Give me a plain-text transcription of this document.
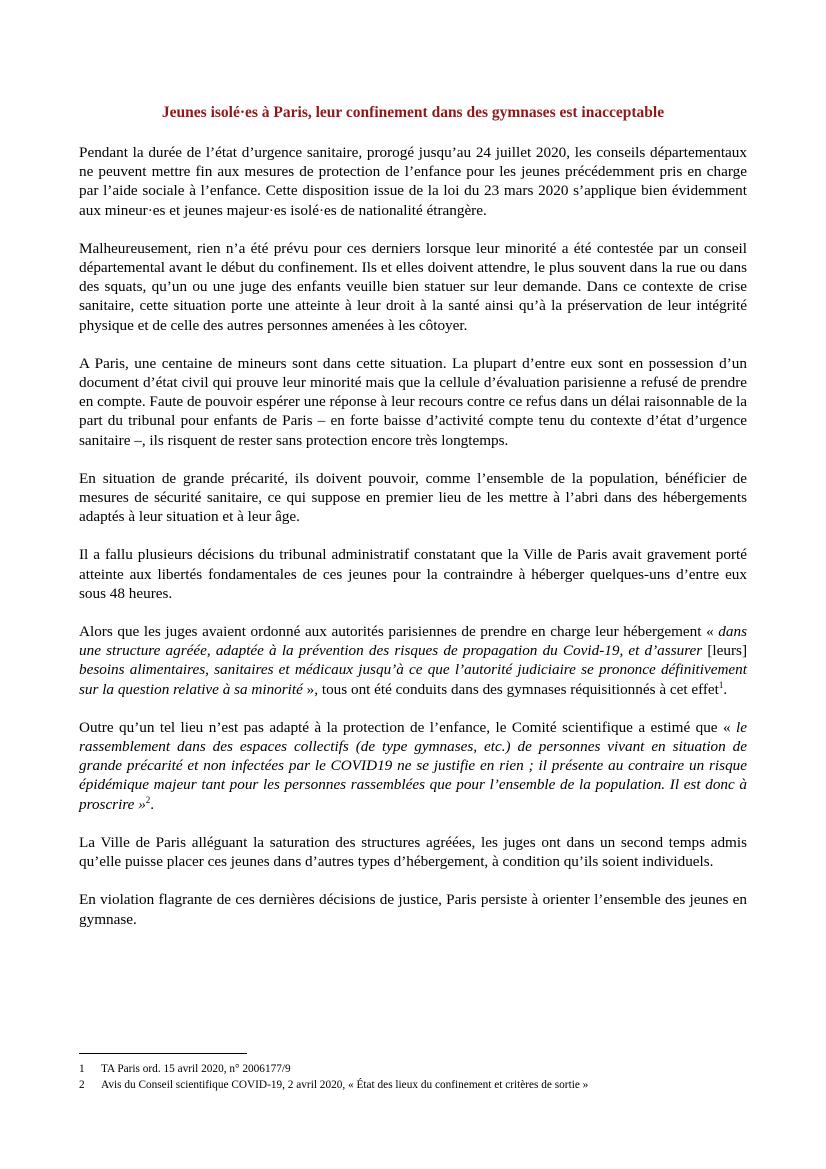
Jeunes isolé·es à Paris, leur confinement dans des gymnases est inacceptable

Pendant la durée de l’état d’urgence sanitaire, prorogé jusqu’au 24 juillet 2020, les conseils départementaux ne peuvent mettre fin aux mesures de protection de l’enfance pour les jeunes précédemment pris en charge par l’aide sociale à l’enfance. Cette disposition issue de la loi du 23 mars 2020 s’applique bien évidemment aux mineur·es et jeunes majeur·es isolé·es de nationalité étrangère.

Malheureusement, rien n’a été prévu pour ces derniers lorsque leur minorité a été contestée par un conseil départemental avant le début du confinement. Ils et elles doivent attendre, le plus souvent dans la rue ou dans des squats, qu’un ou une juge des enfants veuille bien statuer sur leur demande. Dans ce contexte de crise sanitaire, cette situation porte une atteinte à leur droit à la santé ainsi qu’à la préservation de leur intégrité physique et de celle des autres personnes amenées à les côtoyer.

A Paris, une centaine de mineurs sont dans cette situation. La plupart d’entre eux sont en possession d’un document d’état civil qui prouve leur minorité mais que la cellule d’évaluation parisienne a refusé de prendre en compte. Faute de pouvoir espérer une réponse à leur recours contre ce refus dans un délai raisonnable de la part du tribunal pour enfants de Paris – en forte baisse d’activité compte tenu du contexte d’état d’urgence sanitaire –, ils risquent de rester sans protection encore très longtemps.

En situation de grande précarité, ils doivent pouvoir, comme l’ensemble de la population, bénéficier de mesures de sécurité sanitaire, ce qui suppose en premier lieu de les mettre à l’abri dans des hébergements adaptés à leur situation et à leur âge.

Il a fallu plusieurs décisions du tribunal administratif constatant que la Ville de Paris avait gravement porté atteinte aux libertés fondamentales de ces jeunes pour la contraindre à héberger quelques-uns d’entre eux sous 48 heures.

Alors que les juges avaient ordonné aux autorités parisiennes de prendre en charge leur hébergement « dans une structure agréée, adaptée à la prévention des risques de propagation du Covid-19, et d’assurer [leurs] besoins alimentaires, sanitaires et médicaux jusqu’à ce que l’autorité judiciaire se prononce définitivement sur la question relative à sa minorité », tous ont été conduits dans des gymnases réquisitionnés à cet effet$^1$.

Outre qu’un tel lieu n’est pas adapté à la protection de l’enfance, le Comité scientifique a estimé que « le rassemblement dans des espaces collectifs (de type gymnases, etc.) de personnes vivant en situation de grande précarité et non infectées par le COVID19 ne se justifie en rien ; il présente au contraire un risque épidémique majeur tant pour les personnes rassemblées que pour l’ensemble de la population. Il est donc à proscrire »$^2$.

La Ville de Paris alléguant la saturation des structures agréées, les juges ont dans un second temps admis qu’elle puisse placer ces jeunes dans d’autres types d’hébergement, à condition qu’ils soient individuels.

En violation flagrante de ces dernières décisions de justice, Paris persiste à orienter l’ensemble des jeunes en gymnase.

1	TA Paris ord. 15 avril 2020, n° 2006177/9
2	Avis du Conseil scientifique COVID-19, 2 avril 2020, « État des lieux du confinement et critères de sortie »
